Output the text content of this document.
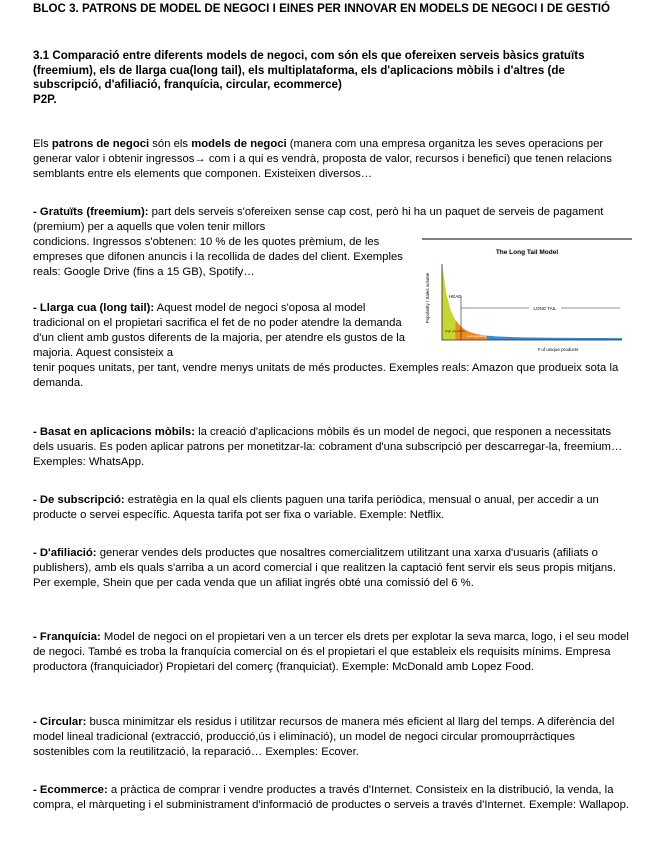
BLOC 3. PATRONS DE MODEL DE NEGOCI I EINES PER INNOVAR EN MODELS DE NEGOCI I DE GESTIÓ

3.1 Comparació entre diferents models de negoci, com són els que ofereixen serveis bàsics gratuïts (freemium), els de llarga cua(long tail), els multiplataforma, els d'aplicacions mòbils i d'altres (de subscripció, d'afiliació, franquícia, circular, ecommerce)
P2P.

Els patrons de negoci són els models de negoci (manera com una empresa organitza les seves operacions per generar valor i obtenir ingressos→ com i a qui es vendrà, proposta de valor, recursos i benefici) que tenen relacions semblants entre els elements que componen. Existeixen diversos…

- Gratuïts (freemium): part dels serveis s'ofereixen sense cap cost, però hi ha un paquet de serveis de pagament (premium) per a aquells que volen tenir millors

condicions. Ingressos s'obtenen: 10 % de les quotes prèmium, de les empreses que difonen anuncis i la recollida de dades del client. Exemples reals: Google Drive (fins a 15 GB), Spotify…

- Llarga cua (long tail): Aquest model de negoci s'oposa al model tradicional on el propietari sacrifica el fet de no poder atendre la demanda d'un client amb gustos diferents de la majoria, per atendre els gustos de la majoria. Aquest consisteix a

tenir poques unitats, per tant, vendre menys unitats de més productes. Exemples reals: Amazon que produeix sota la demanda.

- Basat en aplicacions mòbils: la creació d'aplicacions mòbils és un model de negoci, que responen a necessitats dels usuaris. Es poden aplicar patrons per monetitzar-la: cobrament d'una subscripció per descarregar-la, freemium… Exemples: WhatsApp.

- De subscripció: estratègia en la qual els clients paguen una tarifa periòdica, mensual o anual, per accedir a un producte o servei específic. Aquesta tarifa pot ser fixa o variable. Exemple: Netflix.

- D'afiliació: generar vendes dels productes que nosaltres comercialitzem utilitzant una xarxa d'usuaris (afiliats o publishers), amb els quals s'arriba a un acord comercial i que realitzen la captació fent servir els seus propis mitjans. Per exemple, Shein que per cada venda que un afiliat ingrés obté una comissió del 6 %.

- Franquícia: Model de negoci on el propietari ven a un tercer els drets per explotar la seva marca, logo, i el seu model de negoci. També es troba la franquícia comercial on és el propietari el que estableix els requisits mínims. Empresa productora (franquiciador) Propietari del comerç (franquiciat). Exemple: McDonald amb Lopez Food.

- Circular: busca minimitzar els residus i utilitzar recursos de manera més eficient al llarg del temps. A diferència del model lineal tradicional (extracció, producció,ús i eliminació), un model de negoci circular promouprràctiques sostenibles com la reutilització, la reparació… Exemples: Ecover.

- Ecommerce: a pràctica de comprar i vendre productes a través d'Internet. Consisteix en la distribució, la venda, la compra, el màrqueting i el subministrament d'informació de productes o serveis a través d'Internet. Exemple: Wallapop.

The Long Tail Model
Popularity / Sales volume
# of unique products
HEAD
LONG TAIL
High popularity
Low popularity
